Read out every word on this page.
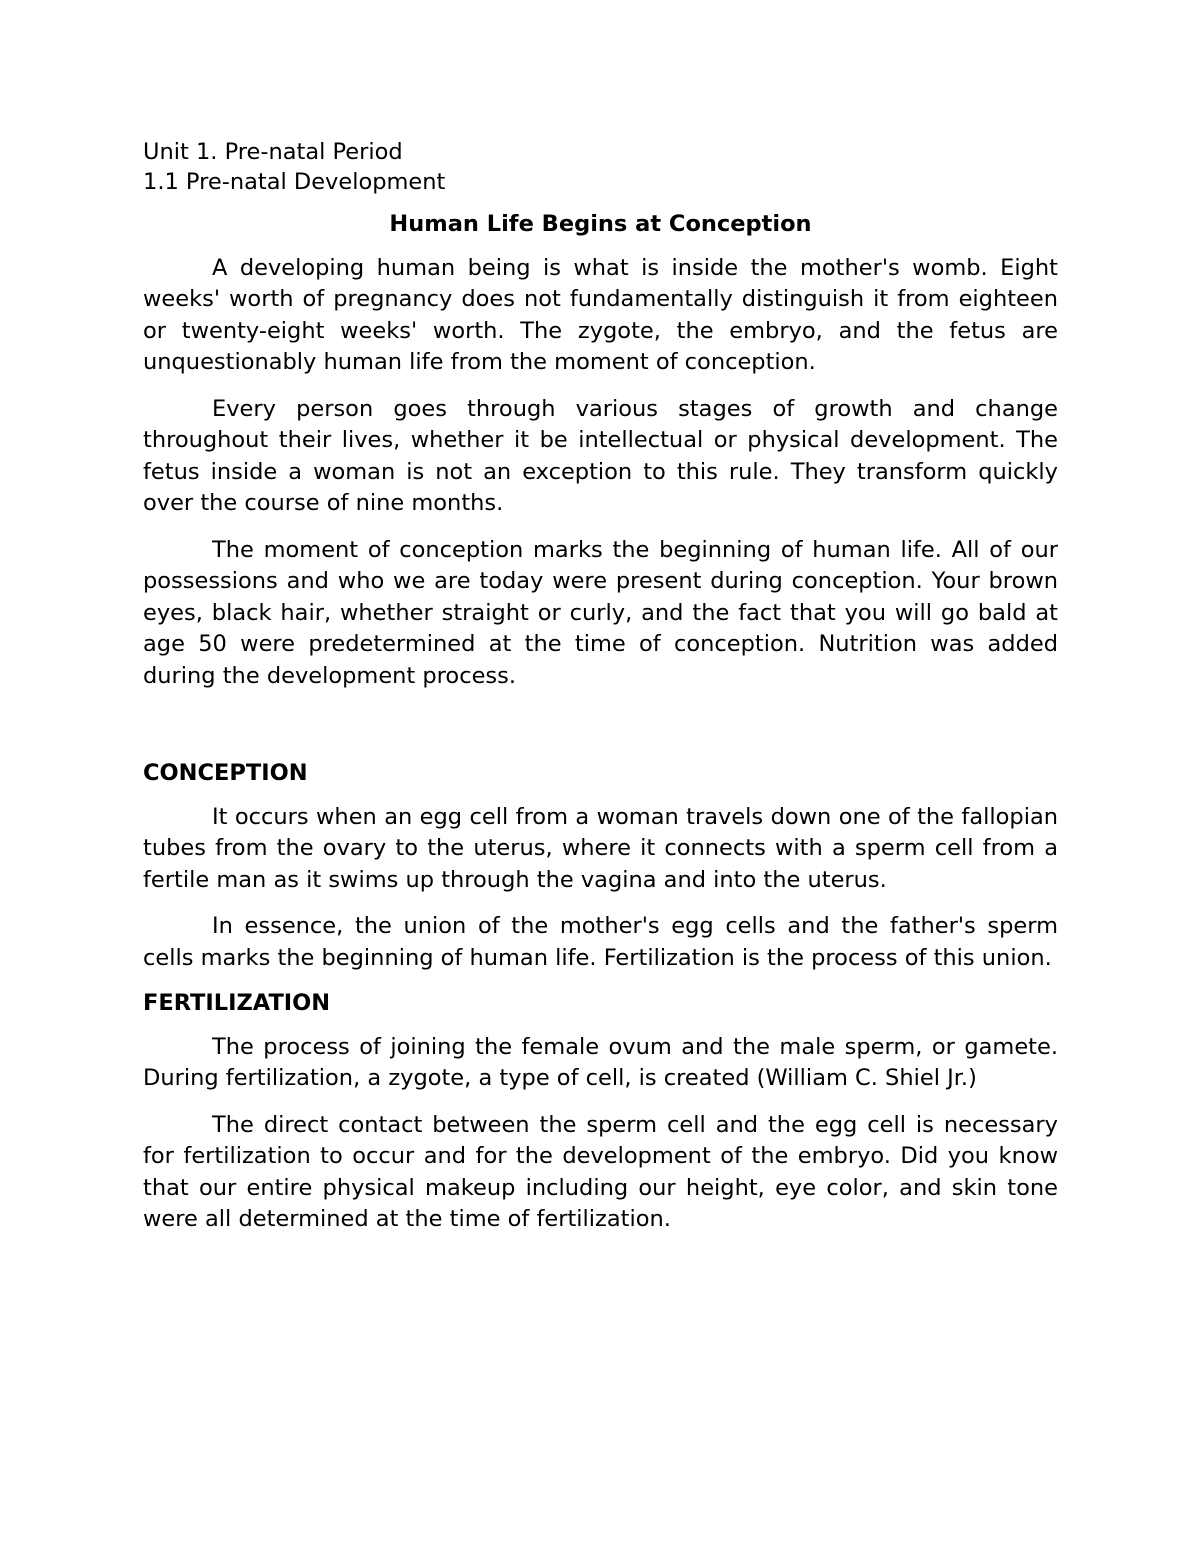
Unit 1. Pre-natal Period

1.1 Pre-natal Development

Human Life Begins at Conception

A developing human being is what is inside the mother's womb. Eight weeks' worth of pregnancy does not fundamentally distinguish it from eighteen or twenty-eight weeks' worth. The zygote, the embryo, and the fetus are unquestionably human life from the moment of conception.

Every person goes through various stages of growth and change throughout their lives, whether it be intellectual or physical development. The fetus inside a woman is not an exception to this rule. They transform quickly over the course of nine months.

The moment of conception marks the beginning of human life. All of our possessions and who we are today were present during conception. Your brown eyes, black hair, whether straight or curly, and the fact that you will go bald at age 50 were predetermined at the time of conception. Nutrition was added during the development process.

CONCEPTION

It occurs when an egg cell from a woman travels down one of the fallopian tubes from the ovary to the uterus, where it connects with a sperm cell from a fertile man as it swims up through the vagina and into the uterus.

In essence, the union of the mother's egg cells and the father's sperm cells marks the beginning of human life. Fertilization is the process of this union.

FERTILIZATION

The process of joining the female ovum and the male sperm, or gamete. During fertilization, a zygote, a type of cell, is created (William C. Shiel Jr.)

The direct contact between the sperm cell and the egg cell is necessary for fertilization to occur and for the development of the embryo. Did you know that our entire physical makeup including our height, eye color, and skin tone were all determined at the time of fertilization.
